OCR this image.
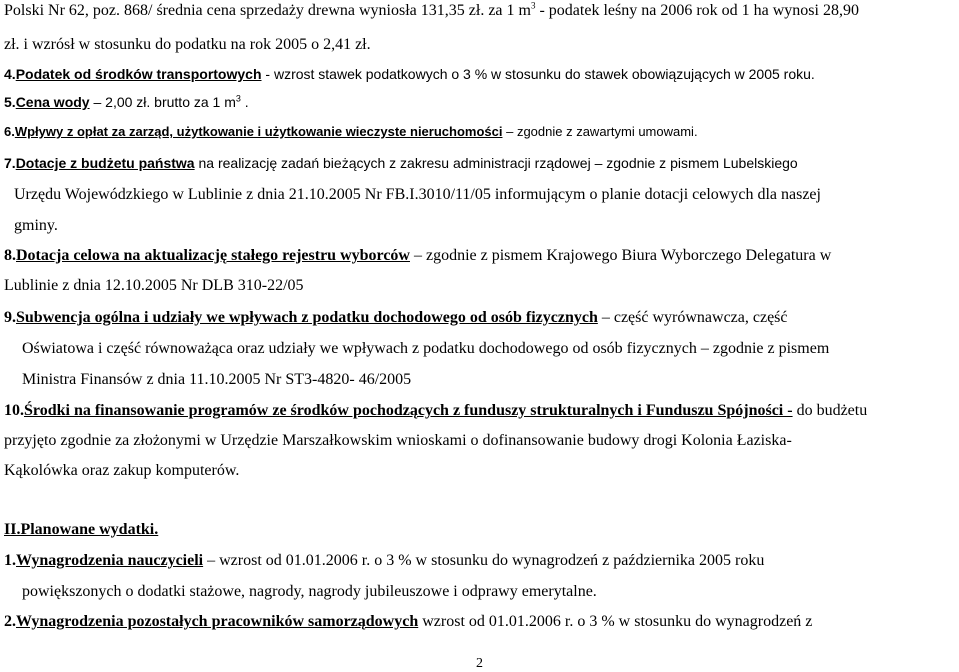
Polski Nr 62, poz. 868/ średnia cena sprzedaży drewna wyniosła 131,35 zł. za 1 $m^3$ - podatek leśny na 2006 rok od 1 ha wynosi 28,90
zł. i wzrósł w stosunku do podatku na rok 2005 o 2,41 zł.
4.Podatek od środków transportowych - wzrost stawek podatkowych o 3 % w stosunku do stawek obowiązujących w 2005 roku.
5.Cena wody – 2,00 zł. brutto za 1 $m^3$ .
6.Wpływy z opłat za zarząd, użytkowanie i użytkowanie wieczyste nieruchomości – zgodnie z zawartymi umowami.
7.Dotacje z budżetu państwa na realizację zadań bieżących z zakresu administracji rządowej – zgodnie z pismem Lubelskiego
Urzędu Wojewódzkiego w Lublinie z dnia 21.10.2005 Nr FB.I.3010/11/05 informującym o planie dotacji celowych dla naszej
gminy.
8.Dotacja celowa na aktualizację stałego rejestru wyborców – zgodnie z pismem Krajowego Biura Wyborczego Delegatura w
Lublinie z dnia 12.10.2005 Nr DLB 310-22/05
9.Subwencja ogólna i udziały we wpływach z podatku dochodowego od osób fizycznych – część wyrównawcza, część
Oświatowa i część równoważąca oraz udziały we wpływach z podatku dochodowego od osób fizycznych – zgodnie z pismem
Ministra Finansów z dnia 11.10.2005 Nr ST3-4820- 46/2005
10.Środki na finansowanie programów ze środków pochodzących z funduszy strukturalnych i Funduszu Spójności - do budżetu
przyjęto zgodnie za złożonymi w Urzędzie Marszałkowskim wnioskami o dofinansowanie budowy drogi Kolonia Łaziska-
Kąkolówka oraz zakup komputerów.
II.Planowane wydatki.
1.Wynagrodzenia nauczycieli – wzrost od 01.01.2006 r. o 3 % w stosunku do wynagrodzeń z października 2005 roku
powiększonych o dodatki stażowe, nagrody, nagrody jubileuszowe i odprawy emerytalne.
2.Wynagrodzenia pozostałych pracowników samorządowych wzrost od 01.01.2006 r. o 3 % w stosunku do wynagrodzeń z
2
